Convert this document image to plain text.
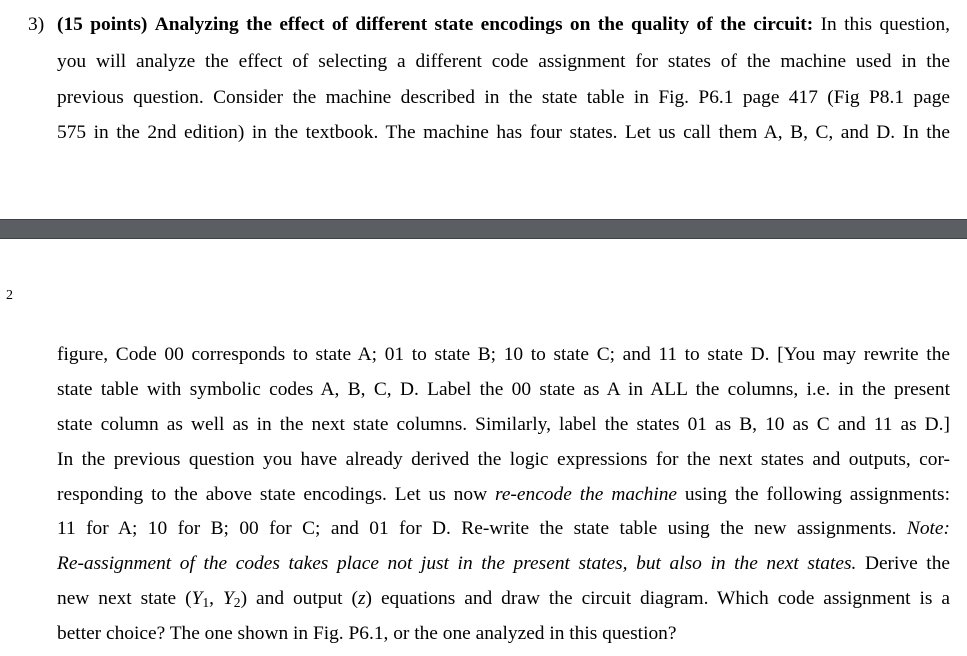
3) (15 points) Analyzing the effect of different state encodings on the quality of the circuit: In this question,
you will analyze the effect of selecting a different code assignment for states of the machine used in the
previous question. Consider the machine described in the state table in Fig. P6.1 page 417 (Fig P8.1 page
575 in the 2nd edition) in the textbook. The machine has four states. Let us call them A, B, C, and D. In the
2
figure, Code 00 corresponds to state A; 01 to state B; 10 to state C; and 11 to state D. [You may rewrite the
state table with symbolic codes A, B, C, D. Label the 00 state as A in ALL the columns, i.e. in the present
state column as well as in the next state columns. Similarly, label the states 01 as B, 10 as C and 11 as D.]
In the previous question you have already derived the logic expressions for the next states and outputs, cor-
responding to the above state encodings. Let us now re-encode the machine using the following assignments:
11 for A; 10 for B; 00 for C; and 01 for D. Re-write the state table using the new assignments. Note:
Re-assignment of the codes takes place not just in the present states, but also in the next states. Derive the
new next state ($Y_1$, $Y_2$) and output (z) equations and draw the circuit diagram. Which code assignment is a
better choice? The one shown in Fig. P6.1, or the one analyzed in this question?
